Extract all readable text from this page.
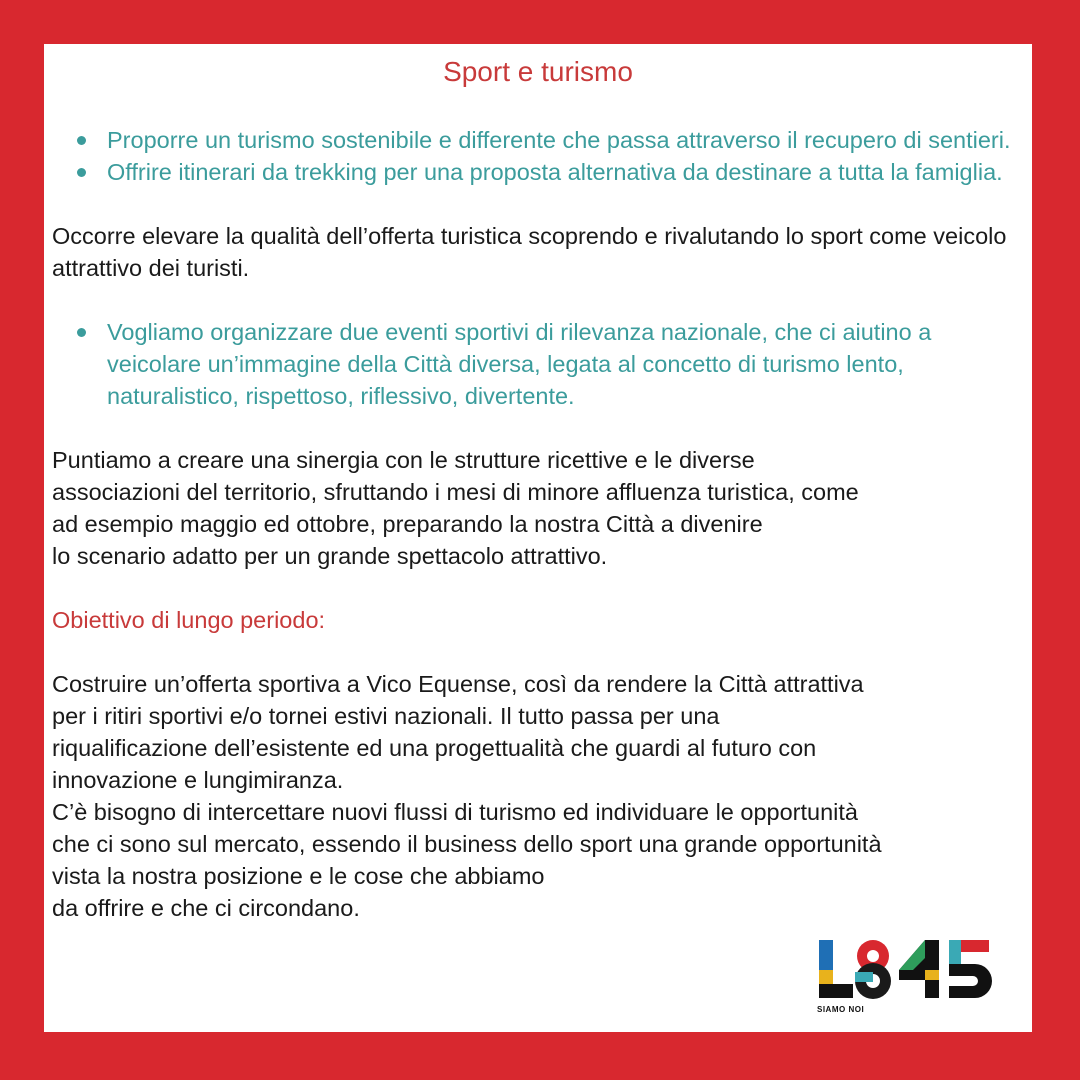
Sport e turismo
Proporre un turismo sostenibile e differente che passa attraverso il recupero di sentieri.
Offrire itinerari da trekking per una proposta alternativa da destinare a tutta la famiglia.

Occorre elevare la qualità dell’offerta turistica scoprendo e rivalutando lo sport come veicolo attrattivo dei turisti.

Vogliamo organizzare due eventi sportivi di rilevanza nazionale, che ci aiutino a veicolare un’immagine della Città diversa, legata al concetto di turismo lento, naturalistico, rispettoso, riflessivo, divertente.
Puntiamo a creare una sinergia con le strutture ricettive e le diverse
associazioni del territorio, sfruttando i mesi di minore affluenza turistica, come
ad esempio maggio ed ottobre, preparando la nostra Città a divenire
lo scenario adatto per un grande spettacolo attrattivo.

Obiettivo di lungo periodo:

Costruire un’offerta sportiva a Vico Equense, così da rendere la Città attrattiva
per i ritiri sportivi e/o tornei estivi nazionali. Il tutto passa per una
riqualificazione dell’esistente ed una progettualità che guardi al futuro con
innovazione e lungimiranza.
C’è bisogno di intercettare nuovi flussi di turismo ed individuare le opportunità
che ci sono sul mercato, essendo il business dello sport una grande opportunità
vista la nostra posizione e le cose che abbiamo
da offrire e che ci circondano.
SIAMO NOI
